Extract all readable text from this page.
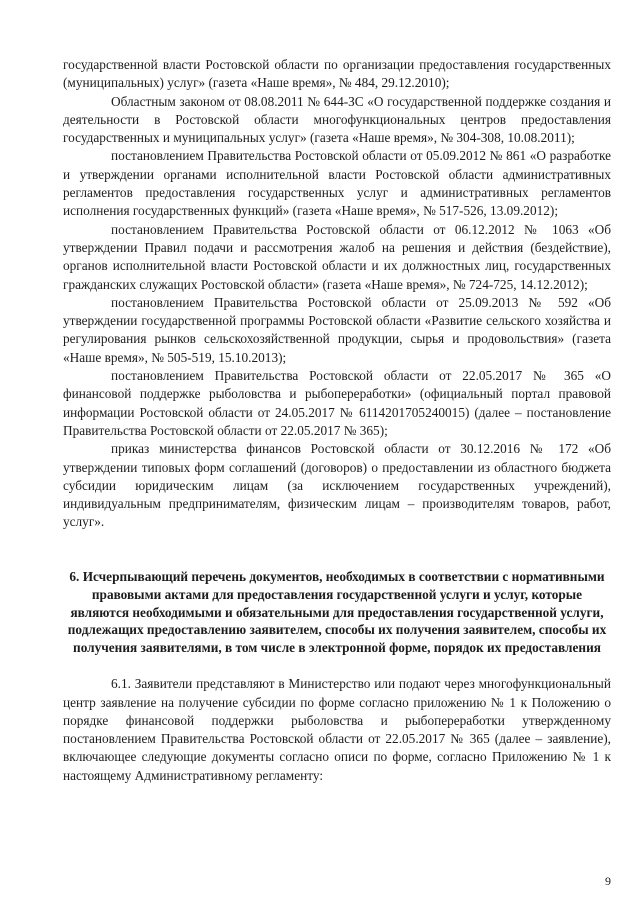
государственной власти Ростовской области по организации предоставления государственных (муниципальных) услуг» (газета «Наше время», № 484, 29.12.2010);

Областным законом от 08.08.2011 № 644-ЗС «О государственной поддержке создания и деятельности в Ростовской области многофункциональных центров предоставления государственных и муниципальных услуг» (газета «Наше время», № 304-308, 10.08.2011);

постановлением Правительства Ростовской области от 05.09.2012 № 861 «О разработке и утверждении органами исполнительной власти Ростовской области административных регламентов предоставления государственных услуг и административных регламентов исполнения государственных функций» (газета «Наше время», № 517-526, 13.09.2012);

постановлением Правительства Ростовской области от 06.12.2012 № 1063 «Об утверждении Правил подачи и рассмотрения жалоб на решения и действия (бездействие), органов исполнительной власти Ростовской области и их должностных лиц, государственных гражданских служащих Ростовской области» (газета «Наше время», № 724-725, 14.12.2012);

постановлением Правительства Ростовской области от 25.09.2013 № 592 «Об утверждении государственной программы Ростовской области «Развитие сельского хозяйства и регулирования рынков сельскохозяйственной продукции, сырья и продовольствия» (газета «Наше время», № 505-519, 15.10.2013);

постановлением Правительства Ростовской области от 22.05.2017 № 365 «О финансовой поддержке рыболовства и рыбопереработки» (официальный портал правовой информации Ростовской области от 24.05.2017 № 6114201705240015) (далее – постановление Правительства Ростовской области от 22.05.2017 № 365);

приказ министерства финансов Ростовской области от 30.12.2016 № 172 «Об утверждении типовых форм соглашений (договоров) о предоставлении из областного бюджета субсидии юридическим лицам (за исключением государственных учреждений), индивидуальным предпринимателям, физическим лицам – производителям товаров, работ, услуг».

6. Исчерпывающий перечень документов, необходимых в соответствии с нормативными правовыми актами для предоставления государственной услуги и услуг, которые являются необходимыми и обязательными для предоставления государственной услуги, подлежащих предоставлению заявителем, способы их получения заявителем, способы их получения заявителями, в том числе в электронной форме, порядок их предоставления

6.1. Заявители представляют в Министерство или подают через многофункциональный центр заявление на получение субсидии по форме согласно приложению № 1 к Положению о порядке финансовой поддержки рыболовства и рыбопереработки утвержденному постановлением Правительства Ростовской области от 22.05.2017 № 365 (далее – заявление), включающее следующие документы согласно описи по форме, согласно Приложению № 1 к настоящему Административному регламенту:

9
